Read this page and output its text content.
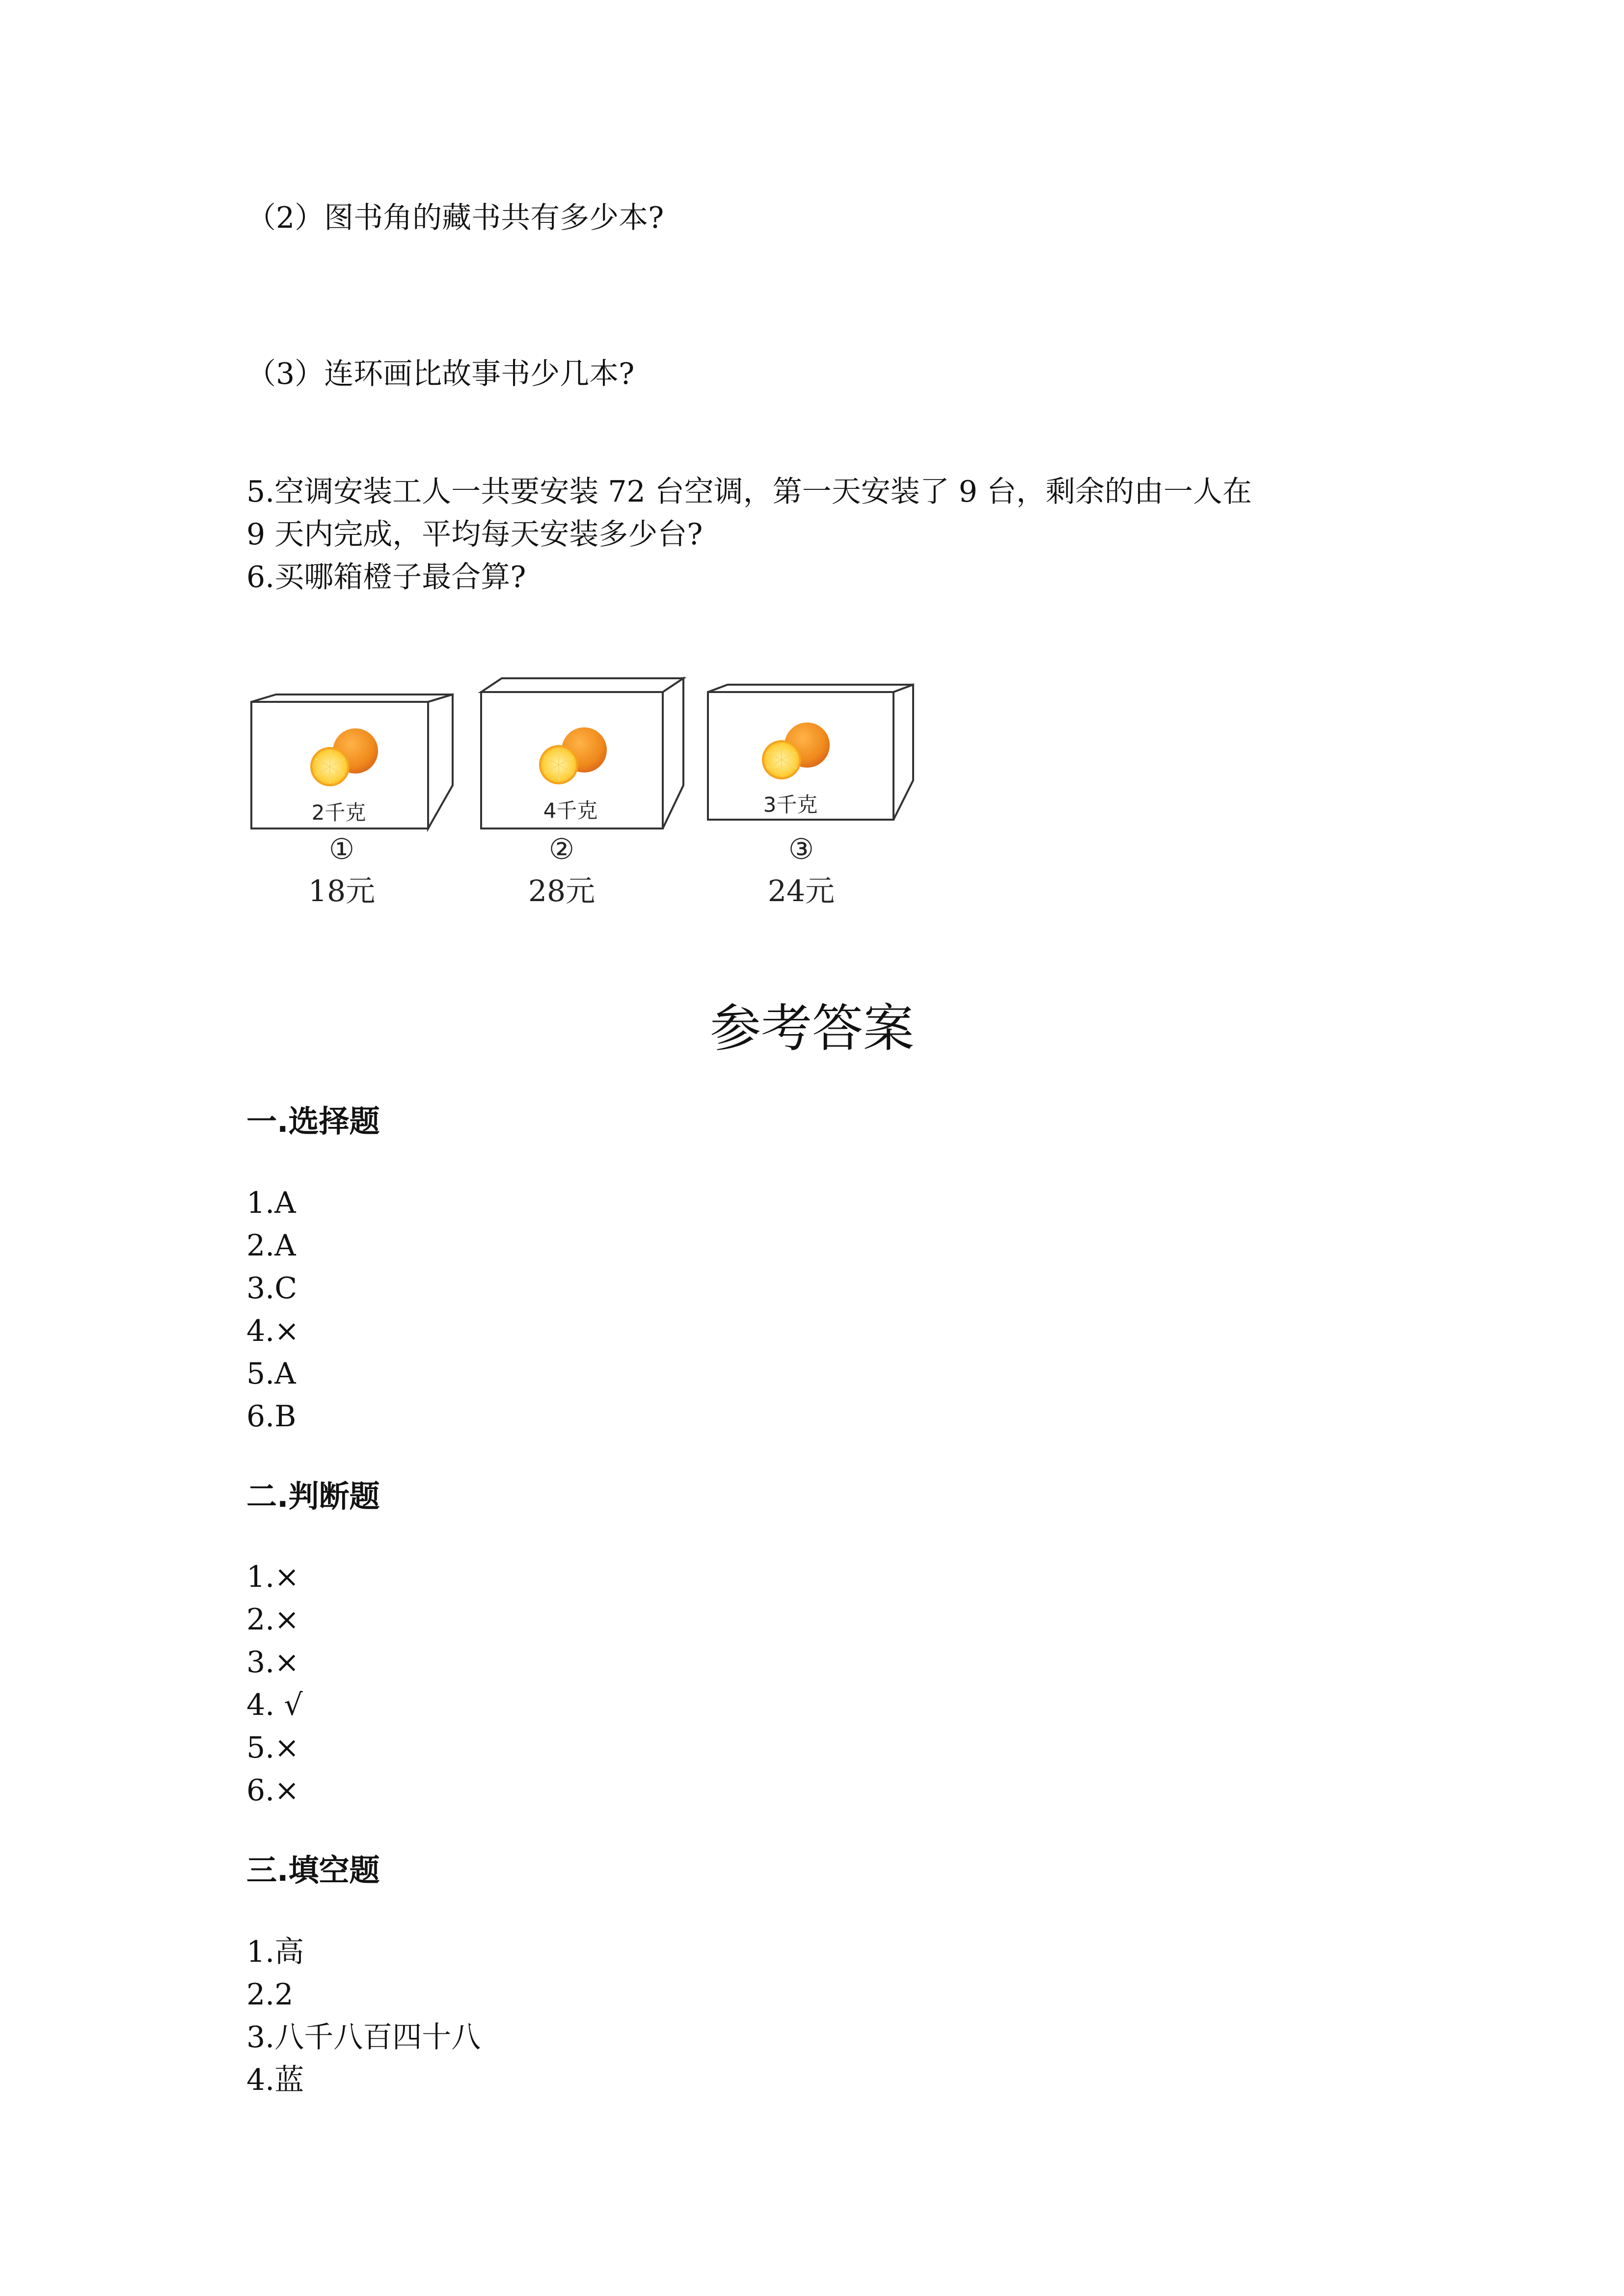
（2）图书角的藏书共有多少本?
（3）连环画比故事书少几本?
5.空调安装工人一共要安装 72 台空调，第一天安装了 9 台，剩余的由一人在
9 天内完成，平均每天安装多少台?
6.买哪箱橙子最合算?
2千克
①
18元
4千克
②
28元
3千克
③
24元
参考答案
一.选择题
1.A
2.A
3.C
4.×
5.A
6.B
二.判断题
1.×
2.×
3.×
4. √
5.×
6.×
三.填空题
1.高
2.2
3.八千八百四十八
4.蓝
